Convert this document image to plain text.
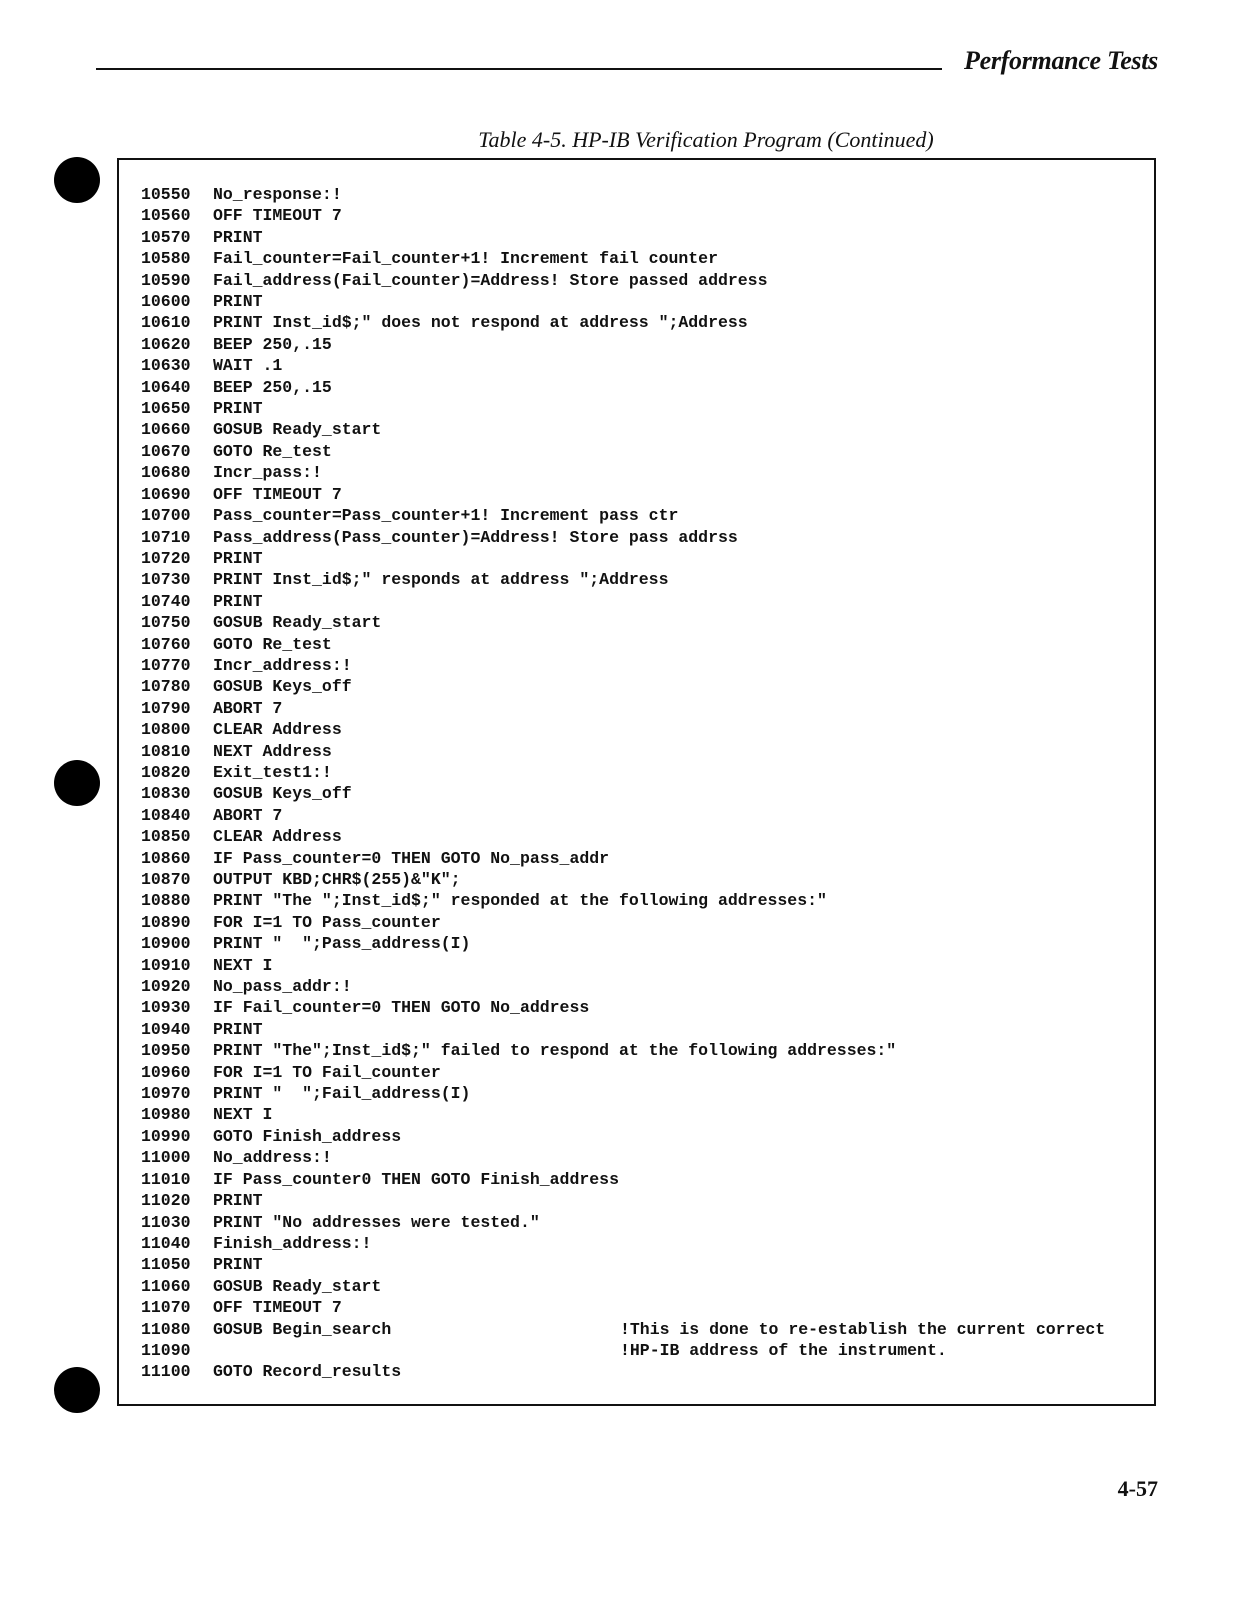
Performance Tests
Table 4-5. HP-IB Verification Program (Continued)
10550 No_response:!
10560 OFF TIMEOUT 7
10570 PRINT
10580 Fail_counter=Fail_counter+1! Increment fail counter
10590 Fail_address(Fail_counter)=Address! Store passed address
10600 PRINT
10610 PRINT Inst_id$;" does not respond at address ";Address
10620 BEEP 250,.15
10630 WAIT .1
10640 BEEP 250,.15
10650 PRINT
10660 GOSUB Ready_start
10670 GOTO Re_test
10680 Incr_pass:!
10690 OFF TIMEOUT 7
10700 Pass_counter=Pass_counter+1! Increment pass ctr
10710 Pass_address(Pass_counter)=Address! Store pass addrss
10720 PRINT
10730 PRINT Inst_id$;" responds at address ";Address
10740 PRINT
10750 GOSUB Ready_start
10760 GOTO Re_test
10770 Incr_address:!
10780 GOSUB Keys_off
10790 ABORT 7
10800 CLEAR Address
10810 NEXT Address
10820 Exit_test1:!
10830 GOSUB Keys_off
10840 ABORT 7
10850 CLEAR Address
10860 IF Pass_counter=0 THEN GOTO No_pass_addr
10870 OUTPUT KBD;CHR$(255)&"K";
10880 PRINT "The ";Inst_id$;" responded at the following addresses:"
10890 FOR I=1 TO Pass_counter
10900 PRINT "  ";Pass_address(I)
10910 NEXT I
10920 No_pass_addr:!
10930 IF Fail_counter=0 THEN GOTO No_address
10940 PRINT
10950 PRINT "The";Inst_id$;" failed to respond at the following addresses:"
10960 FOR I=1 TO Fail_counter
10970 PRINT "  ";Fail_address(I)
10980 NEXT I
10990 GOTO Finish_address
11000 No_address:!
11010 IF Pass_counter0 THEN GOTO Finish_address
11020 PRINT
11030 PRINT "No addresses were tested."
11040 Finish_address:!
11050 PRINT
11060 GOSUB Ready_start
11070 OFF TIMEOUT 7
11080 GOSUB Begin_search	!This is done to re-establish the current correct
11090	!HP-IB address of the instrument.
11100 GOTO Record_results
4-57
